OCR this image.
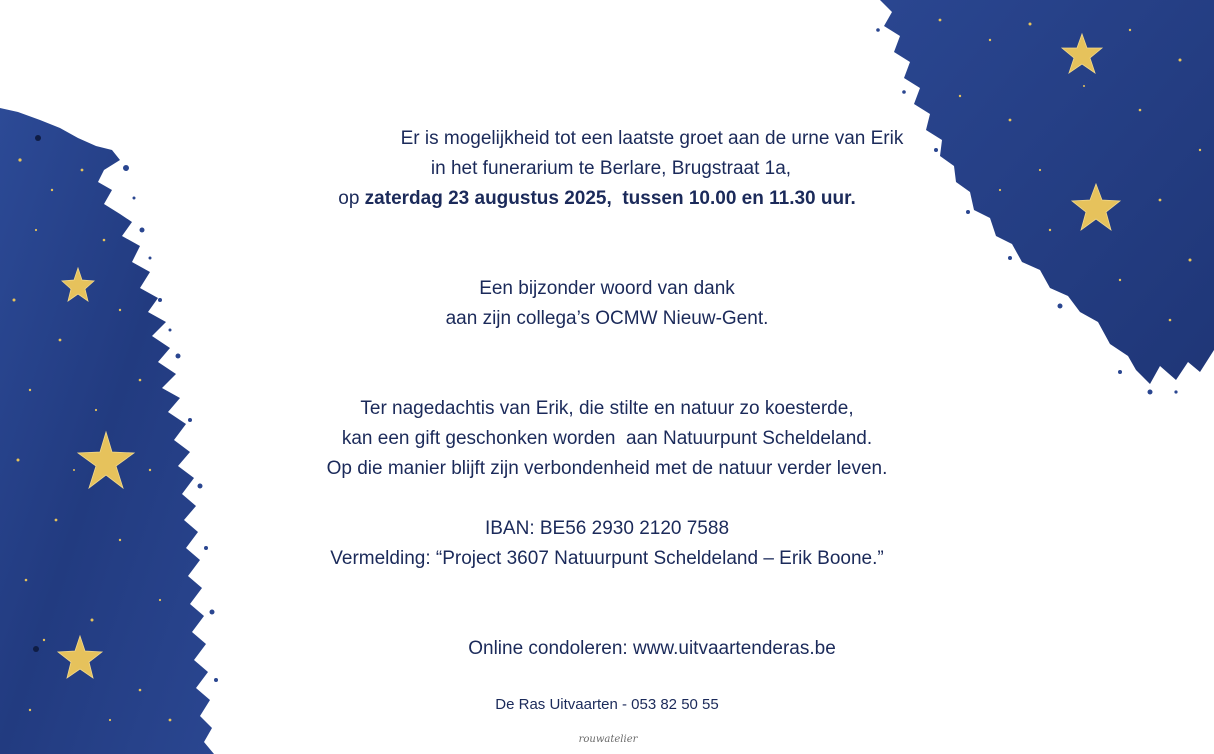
Er is mogelijkheid tot een laatste groet aan de urne van Erik

in het funerarium te Berlare, Brugstraat 1a,

op zaterdag 23 augustus 2025,  tussen 10.00 en 11.30 uur.

Een bijzonder woord van dank

aan zijn collega’s OCMW Nieuw-Gent.

Ter nagedachtis van Erik, die stilte en natuur zo koesterde,

kan een gift geschonken worden  aan Natuurpunt Scheldeland.

Op die manier blijft zijn verbondenheid met de natuur verder leven.

IBAN: BE56 2930 2120 7588

Vermelding: “Project 3607 Natuurpunt Scheldeland – Erik Boone.”

Online condoleren: www.uitvaartenderas.be

De Ras Uitvaarten - 053 82 50 55
rouwatelier
